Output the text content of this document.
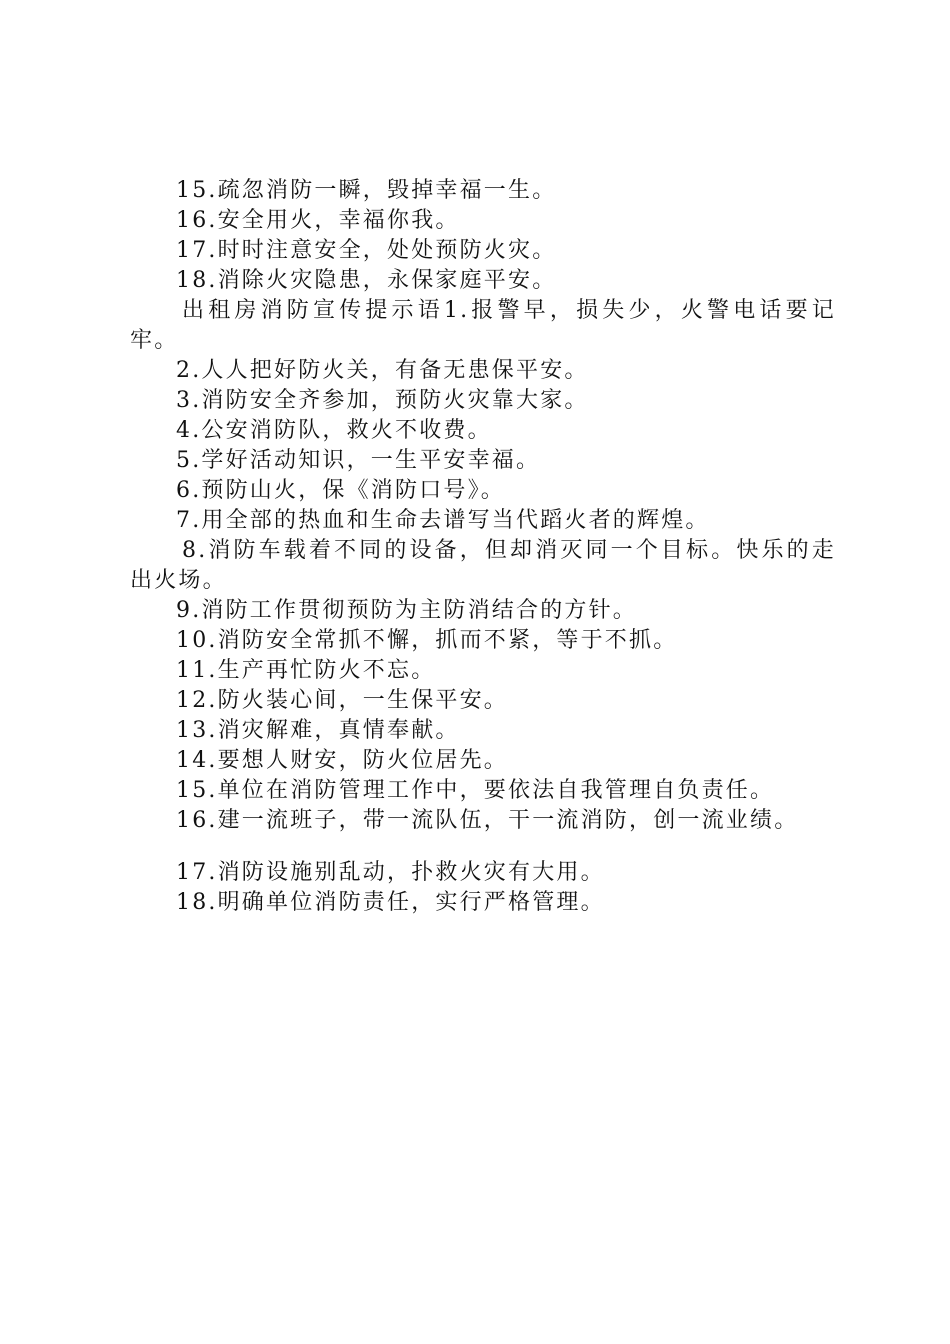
15.疏忽消防一瞬，毁掉幸福一生。

16.安全用火，幸福你我。

17.时时注意安全，处处预防火灾。

18.消除火灾隐患，永保家庭平安。

出租房消防宣传提示语1.报警早，损失少，火警电话要记牢。

2.人人把好防火关，有备无患保平安。

3.消防安全齐参加，预防火灾靠大家。

4.公安消防队，救火不收费。

5.学好活动知识，一生平安幸福。

6.预防山火，保《消防口号》。

7.用全部的热血和生命去谱写当代蹈火者的辉煌。

8.消防车载着不同的设备，但却消灭同一个目标。快乐的走出火场。

9.消防工作贯彻预防为主防消结合的方针。

10.消防安全常抓不懈，抓而不紧，等于不抓。

11.生产再忙防火不忘。

12.防火装心间，一生保平安。

13.消灾解难，真情奉献。

14.要想人财安，防火位居先。

15.单位在消防管理工作中，要依法自我管理自负责任。

16.建一流班子，带一流队伍，干一流消防，创一流业绩。

17.消防设施别乱动，扑救火灾有大用。

18.明确单位消防责任，实行严格管理。
